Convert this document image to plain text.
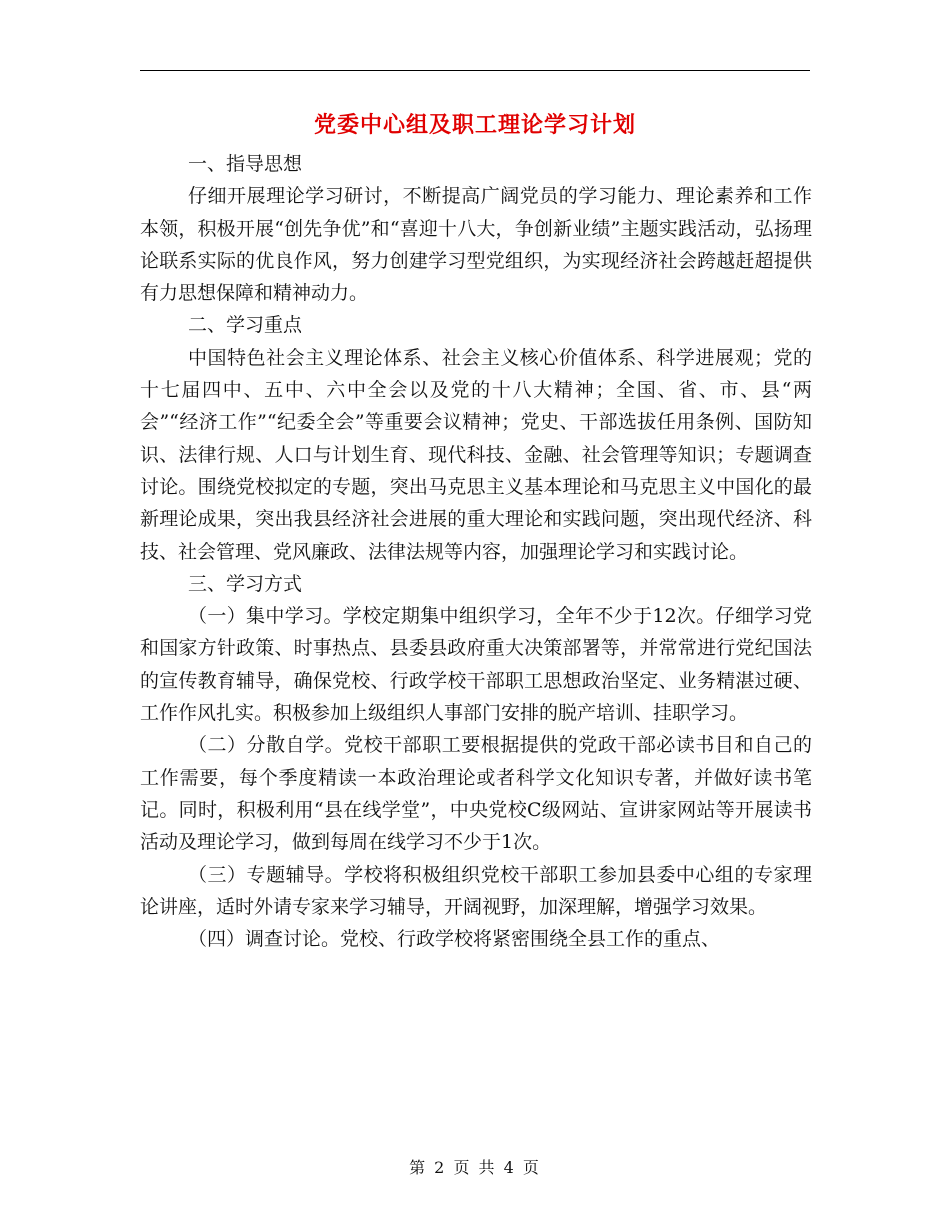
党委中心组及职工理论学习计划

一、指导思想

仔细开展理论学习研讨，不断提高广阔党员的学习能力、理论素养和工作本领，积极开展“创先争优”和“喜迎十八大，争创新业绩”主题实践活动，弘扬理论联系实际的优良作风，努力创建学习型党组织，为实现经济社会跨越赶超提供有力思想保障和精神动力。

二、学习重点

中国特色社会主义理论体系、社会主义核心价值体系、科学进展观；党的十七届四中、五中、六中全会以及党的十八大精神；全国、省、市、县“两会”“经济工作”“纪委全会”等重要会议精神；党史、干部选拔任用条例、国防知识、法律行规、人口与计划生育、现代科技、金融、社会管理等知识；专题调查讨论。围绕党校拟定的专题，突出马克思主义基本理论和马克思主义中国化的最新理论成果，突出我县经济社会进展的重大理论和实践问题，突出现代经济、科技、社会管理、党风廉政、法律法规等内容，加强理论学习和实践讨论。

三、学习方式

（一）集中学习。学校定期集中组织学习，全年不少于12次。仔细学习党和国家方针政策、时事热点、县委县政府重大决策部署等，并常常进行党纪国法的宣传教育辅导，确保党校、行政学校干部职工思想政治坚定、业务精湛过硬、工作作风扎实。积极参加上级组织人事部门安排的脱产培训、挂职学习。

（二）分散自学。党校干部职工要根据提供的党政干部必读书目和自己的工作需要，每个季度精读一本政治理论或者科学文化知识专著，并做好读书笔记。同时，积极利用“县在线学堂”，中央党校C级网站、宣讲家网站等开展读书活动及理论学习，做到每周在线学习不少于1次。

（三）专题辅导。学校将积极组织党校干部职工参加县委中心组的专家理论讲座，适时外请专家来学习辅导，开阔视野，加深理解，增强学习效果。

（四）调查讨论。党校、行政学校将紧密围绕全县工作的重点、

第 2 页 共 4 页
